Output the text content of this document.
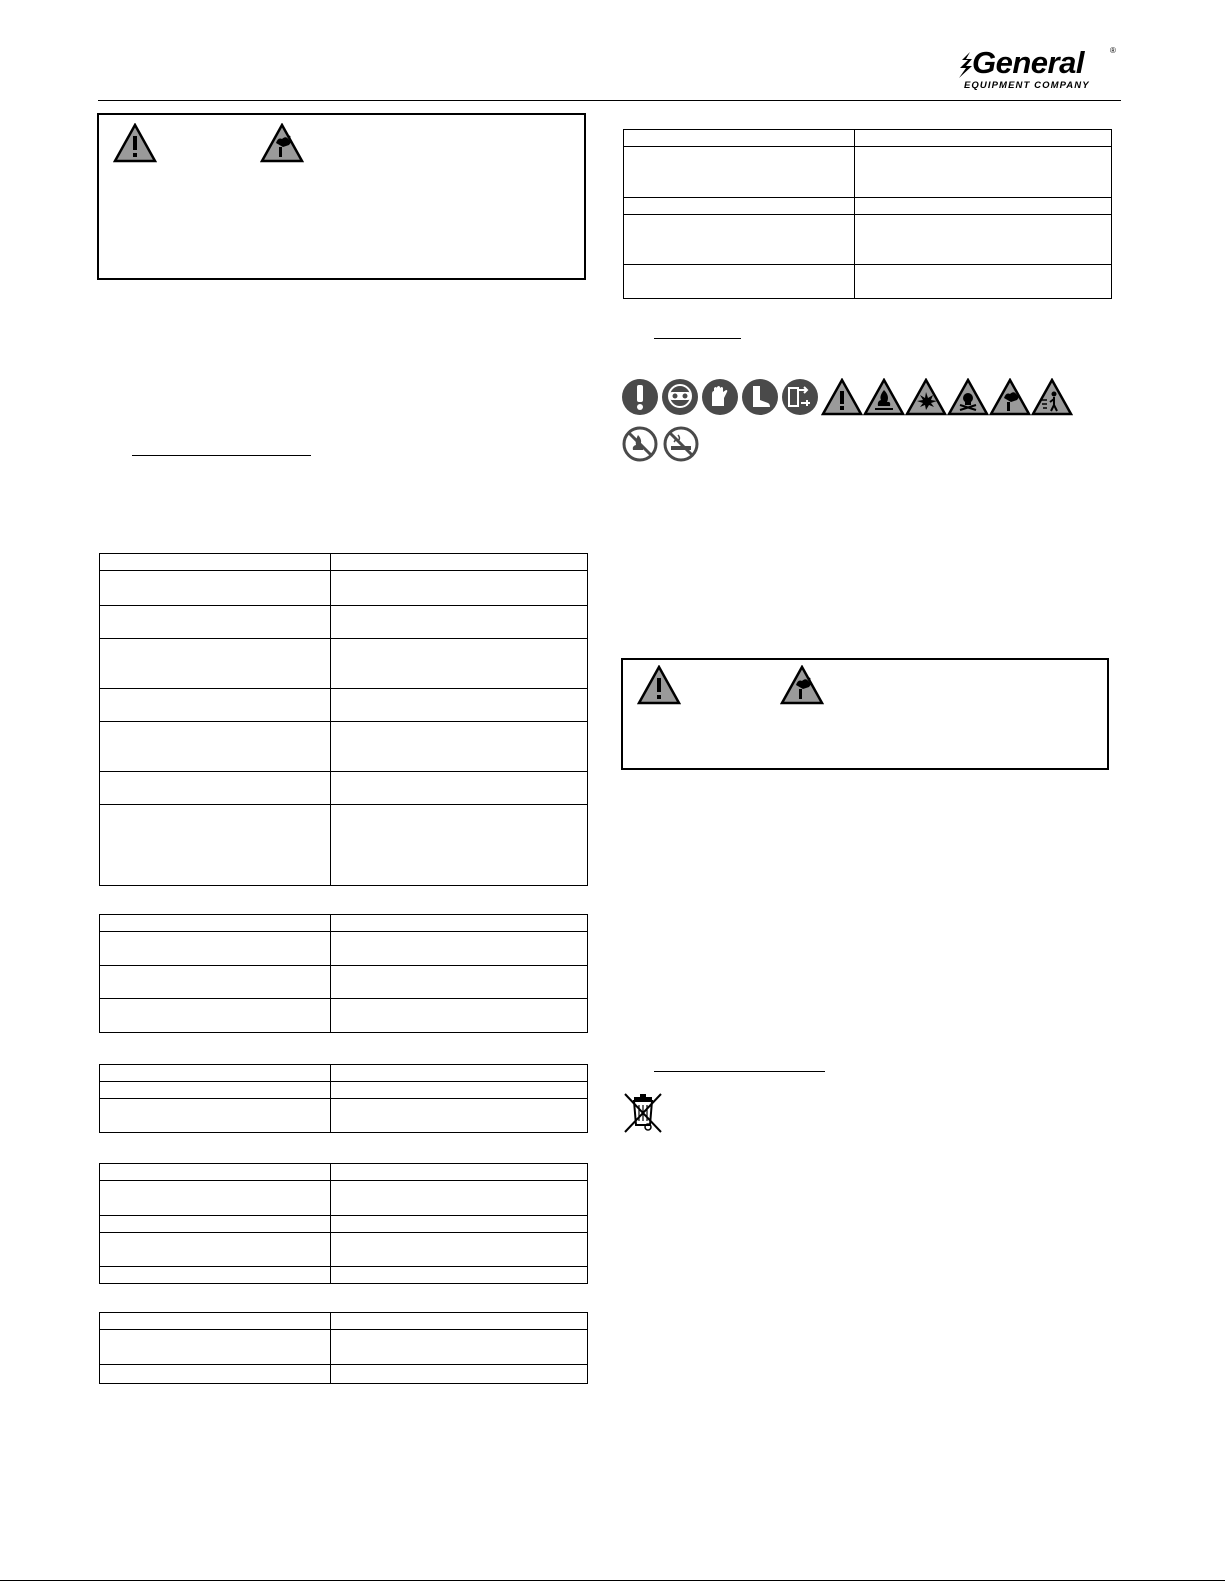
General	®
EQUIPMENT COMPANY
